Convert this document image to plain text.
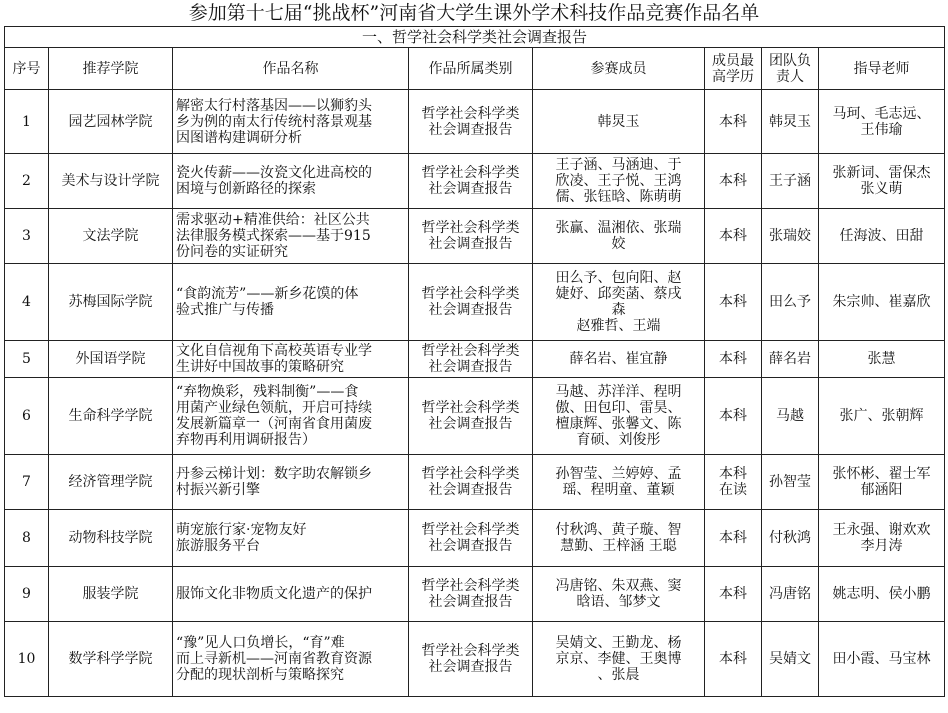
参加第十七届“挑战杯”河南省大学生课外学术科技作品竞赛作品名单
一、哲学社会科学类社会调查报告							
序号	推荐学院	作品名称	作品所属类别	参赛成员	成员最
高学历	团队负
责人	指导老师
1	园艺园林学院	解密太行村落基因——以狮豹头
乡为例的南太行传统村落景观基
因图谱构建调研分析	哲学社会科学类
社会调查报告	韩炅玉	本科	韩炅玉	马珂、毛志远、
王伟瑜
2	美术与设计学院	瓷火传薪——汝瓷文化进高校的
困境与创新路径的探索	哲学社会科学类
社会调查报告	王子涵、马涵迪、于
欣凌、王子悦、王鸿
儒、张钰晗、陈萌萌	本科	王子涵	张新词、雷保杰
张义萌
3	文法学院	需求驱动+精准供给：社区公共
法律服务模式探索——基于915
份问卷的实证研究	哲学社会科学类
社会调查报告	张赢、温湘依、张瑞
姣	本科	张瑞姣	任海波、田甜
4	苏梅国际学院	“食韵流芳”——新乡花馍的体
验式推广与传播	哲学社会科学类
社会调查报告	田么予、包向阳、赵
婕妤、邱奕菡、蔡戌
森
赵雅哲、王端	本科	田么予	朱宗帅、崔嘉欣
5	外国语学院	文化自信视角下高校英语专业学
生讲好中国故事的策略研究	哲学社会科学类
社会调查报告	薛名岩、崔宜静	本科	薛名岩	张慧
6	生命科学学院	“弃物焕彩，残料制衡”——食
用菌产业绿色领航，开启可持续
发展新篇章一（河南省食用菌废
弃物再利用调研报告）	哲学社会科学类
社会调查报告	马越、苏洋洋、程明
傲、田包印、雷昊、
檀康辉、张馨文、陈
育硕、刘俊彤	本科	马越	张广、张朝辉
7	经济管理学院	丹参云梯计划：数字助农解锁乡
村振兴新引擎	哲学社会科学类
社会调查报告	孙智莹、兰婷婷、孟
瑶、程明童、董颖	本科
在读	孙智莹	张怀彬、翟士军
郁涵阳
8	动物科技学院	萌宠旅行家·宠物友好
旅游服务平台	哲学社会科学类
社会调查报告	付秋鸿、黄子璇、智
慧勤、王梓涵 王聪	本科	付秋鸿	王永强、谢欢欢
李月涛
9	服装学院	服饰文化非物质文化遗产的保护	哲学社会科学类
社会调查报告	冯唐铭、朱双燕、窦
晗语、邹梦文	本科	冯唐铭	姚志明、侯小鹏
10	数学科学学院	“豫”见人口负增长，“育”难
而上寻新机——河南省教育资源
分配的现状剖析与策略探究	哲学社会科学类
社会调查报告	吴婧文、王勤龙、杨
京京、李健、王奥博
、张晨	本科	吴婧文	田小霞、马宝林
